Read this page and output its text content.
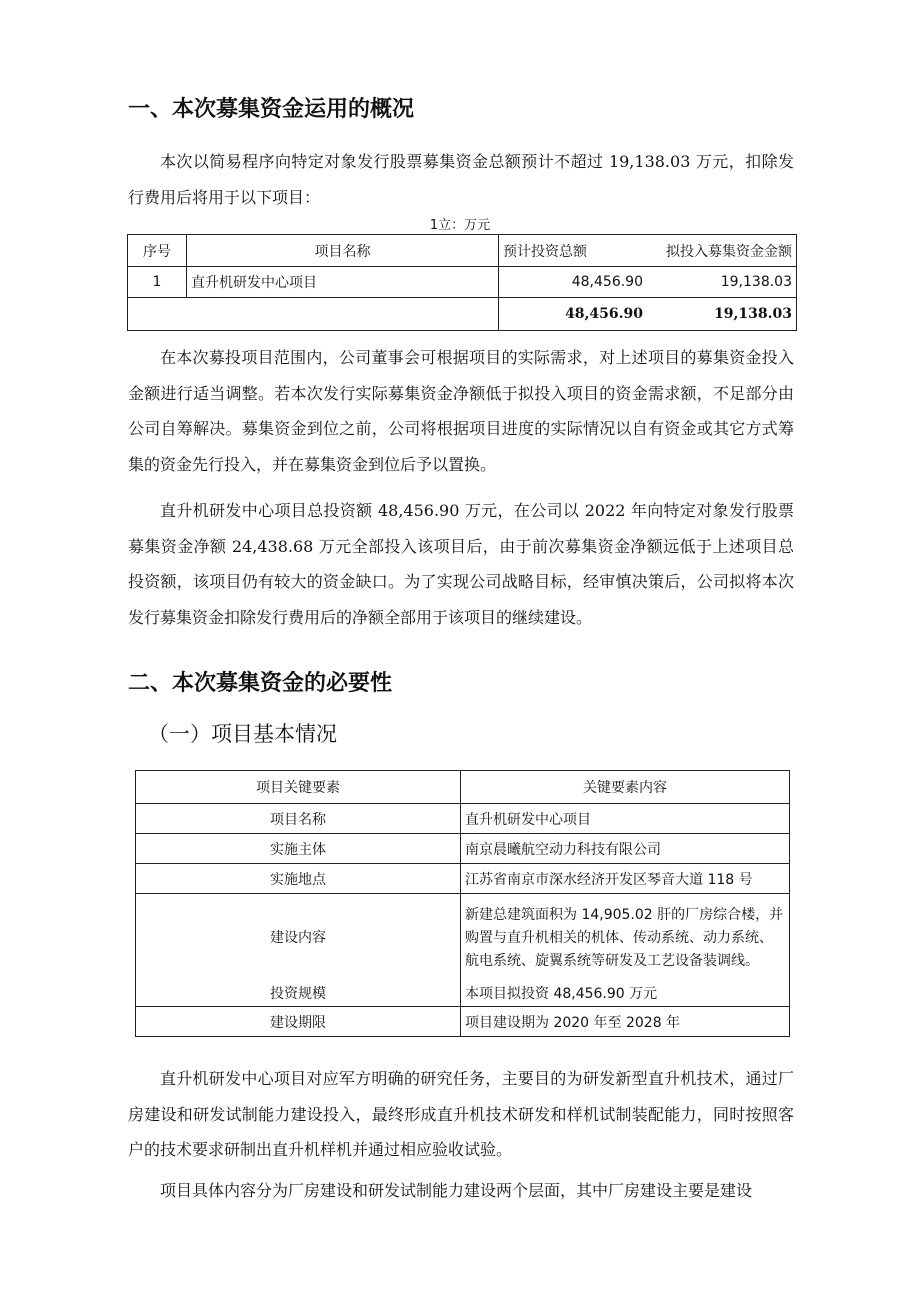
一、本次募集资金运用的概况
本次以简易程序向特定对象发行股票募集资金总额预计不超过 19,138.03 万元，扣除发行费用后将用于以下项目：
1立：万元
序号	项目名称	预计投资总额	拟投入募集资金金额
1	直升机研发中心项目	48,456.90	19,138.03
		48,456.90	19,138.03
在本次募投项目范围内，公司董事会可根据项目的实际需求，对上述项目的募集资金投入金额进行适当调整。若本次发行实际募集资金净额低于拟投入项目的资金需求额，不足部分由公司自筹解决。募集资金到位之前，公司将根据项目进度的实际情况以自有资金或其它方式筹集的资金先行投入，并在募集资金到位后予以置换。
直升机研发中心项目总投资额 48,456.90 万元，在公司以 2022 年向特定对象发行股票募集资金净额 24,438.68 万元全部投入该项目后，由于前次募集资金净额远低于上述项目总投资额，该项目仍有较大的资金缺口。为了实现公司战略目标，经审慎决策后，公司拟将本次发行募集资金扣除发行费用后的净额全部用于该项目的继续建设。
二、本次募集资金的必要性
（一）项目基本情况
项目关键要素	关键要素内容
项目名称	直升机研发中心项目
实施主体	南京晨曦航空动力科技有限公司
实施地点	江苏省南京市深水经济开发区琴音大道 118 号
建设内容	新建总建筑面积为 14,905.02 肝的厂房综合楼，并购置与直升机相关的机体、传动系统、动力系统、航电系统、旋翼系统等研发及工艺设备装调线。
投资规模	本项目拟投资 48,456.90 万元
建设期限	项目建设期为 2020 年至 2028 年
直升机研发中心项目对应军方明确的研究任务，主要目的为研发新型直升机技术，通过厂房建设和研发试制能力建设投入，最终形成直升机技术研发和样机试制装配能力，同时按照客户的技术要求研制出直升机样机并通过相应验收试验。
项目具体内容分为厂房建设和研发试制能力建设两个层面，其中厂房建设主要是建设
